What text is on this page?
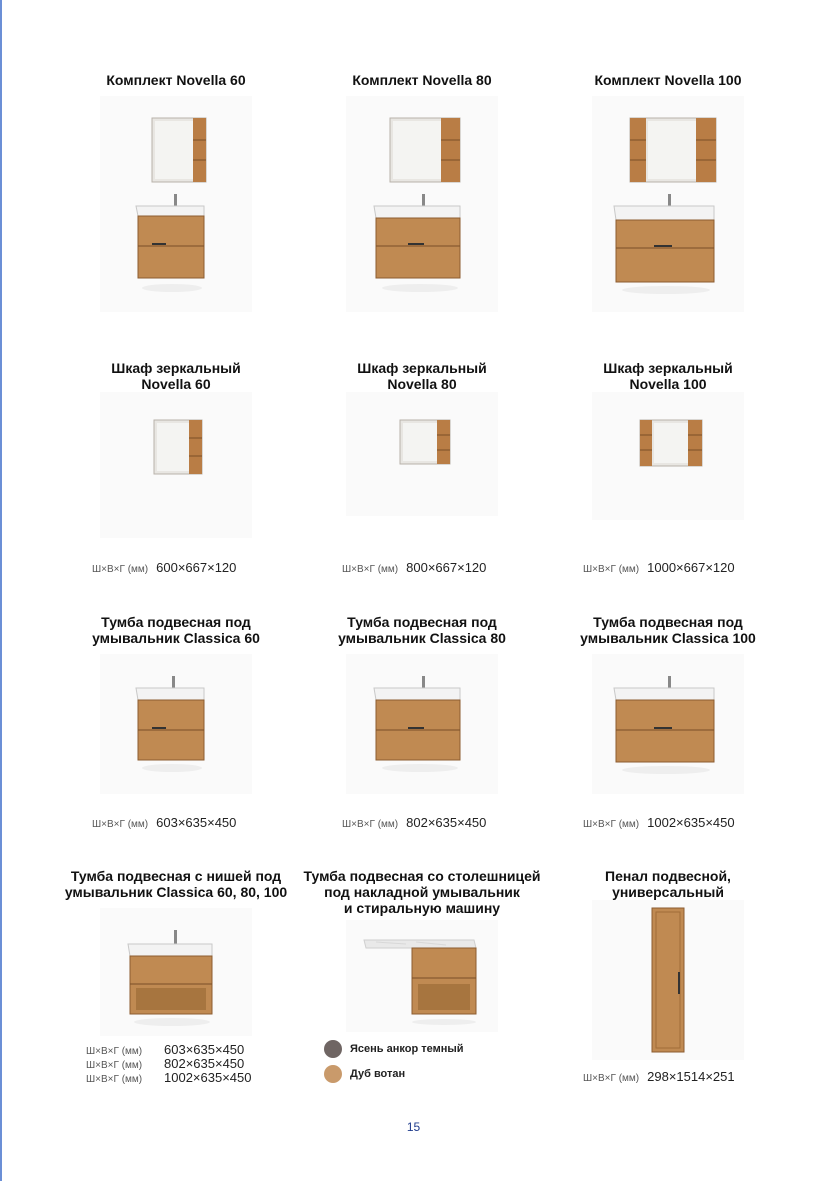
Комплект Novella 60	Комплект Novella 80	Комплект Novella 100
Шкаф зеркальный
Novella 60
Шкаф зеркальный
Novella 80
Шкаф зеркальный
Novella 100
Ш×В×Г (мм) 600×667×120	Ш×В×Г (мм) 800×667×120	Ш×В×Г (мм) 1000×667×120
Тумба подвесная под
умывальник Classica 60
Тумба подвесная под
умывальник Classica 80
Тумба подвесная под
умывальник Classica 100
Ш×В×Г (мм) 603×635×450	Ш×В×Г (мм) 802×635×450	Ш×В×Г (мм) 1002×635×450
Тумба подвесная с нишей под
умывальник Classica 60, 80, 100
Тумба подвесная со столешницей
под накладной умывальник
и стиральную машину
Пенал подвесной,
универсальный
Ш×В×Г (мм) 603×635×450
Ш×В×Г (мм) 802×635×450
Ш×В×Г (мм) 1002×635×450
Ясень анкор темный
Дуб вотан	Ш×В×Г (мм) 298×1514×251
15
